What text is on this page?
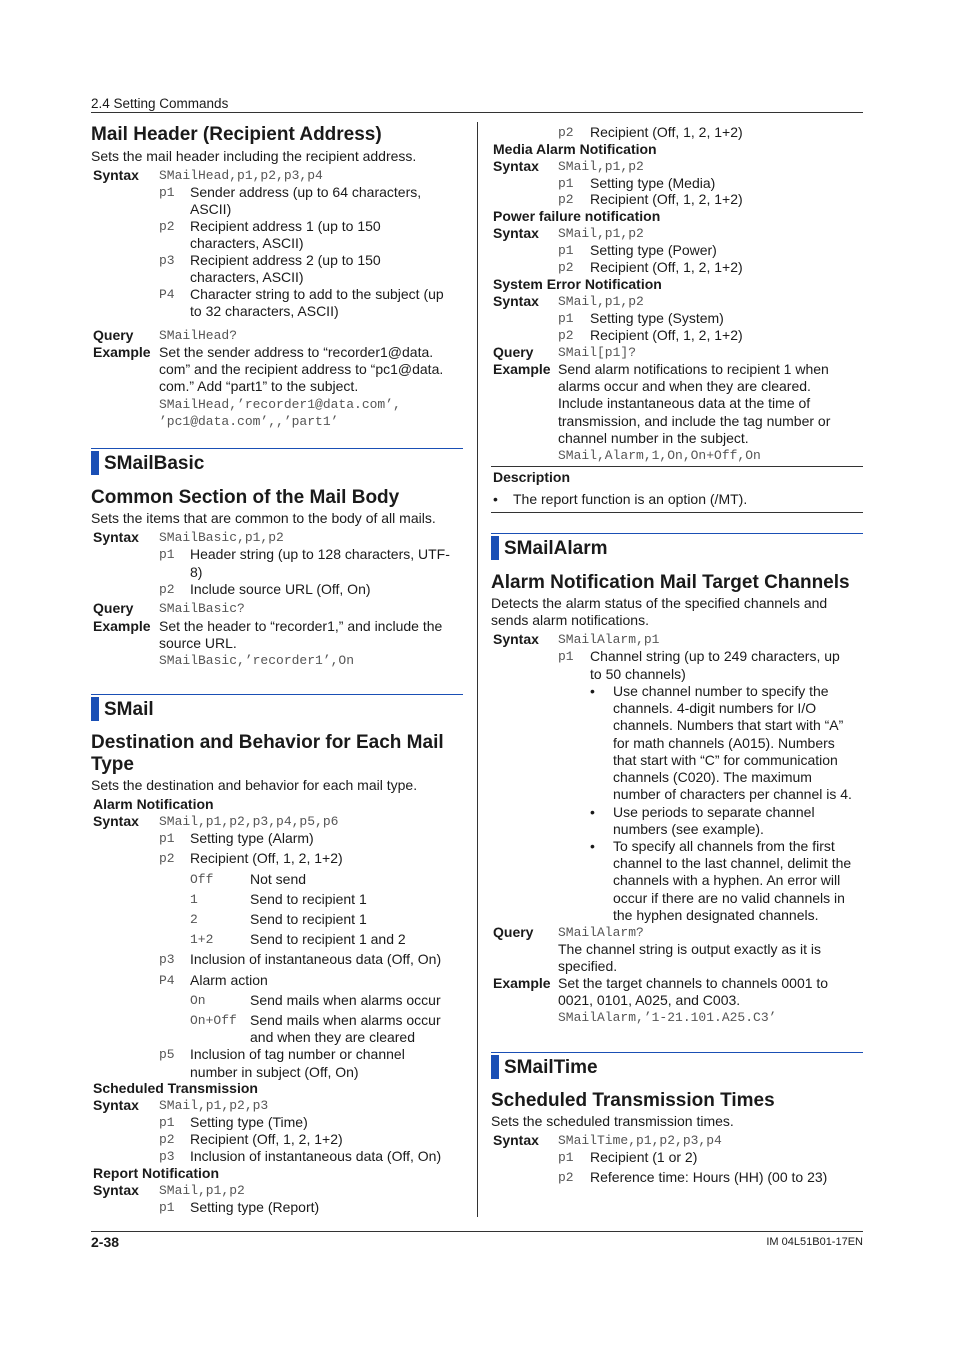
2.4 Setting Commands
Mail Header (Recipient Address)
Sets the mail header including the recipient address.
Syntax SMailHead,p1,p2,p3,p4
p1 Sender address (up to 64 characters,
ASCII)
p2 Recipient address 1 (up to 150
characters, ASCII)
p3 Recipient address 2 (up to 150
characters, ASCII)
P4 Character string to add to the subject (up
to 32 characters, ASCII)
Query SMailHead?
Example Set the sender address to “recorder1@data.
com” and the recipient address to “pc1@data.
com.” Add “part1” to the subject.
SMailHead,’recorder1@data.com’,
’pc1@data.com’,,’part1’
SMailBasic
Common Section of the Mail Body
Sets the items that are common to the body of all mails.
Syntax SMailBasic,p1,p2
p1 Header string (up to 128 characters, UTF-
8)
p2 Include source URL (Off, On)
Query SMailBasic?
Example Set the header to “recorder1,” and include the
source URL.
SMailBasic,’recorder1’,On
SMail
Destination and Behavior for Each Mail
Type
Sets the destination and behavior for each mail type.
Alarm Notification
Syntax SMail,p1,p2,p3,p4,p5,p6
p1 Setting type (Alarm)
p2 Recipient (Off, 1, 2, 1+2)
Off	Not send
1	Send to recipient 1
2	Send to recipient 1
1+2	Send to recipient 1 and 2
p3 Inclusion of instantaneous data (Off, On)
P4 Alarm action
On	Send mails when alarms occur
On+Off Send mails when alarms occur
and when they are cleared
p5 Inclusion of tag number or channel
number in subject (Off, On)
Scheduled Transmission
Syntax SMail,p1,p2,p3
p1 Setting type (Time)
p2 Recipient (Off, 1, 2, 1+2)
p3 Inclusion of instantaneous data (Off, On)
Report Notification
Syntax SMail,p1,p2
p1 Setting type (Report)
p2 Recipient (Off, 1, 2, 1+2)
Media Alarm Notification
Syntax SMail,p1,p2
p1 Setting type (Media)
p2 Recipient (Off, 1, 2, 1+2)
Power failure notification
Syntax SMail,p1,p2
p1 Setting type (Power)
p2 Recipient (Off, 1, 2, 1+2)
System Error Notification
Syntax SMail,p1,p2
p1 Setting type (System)
p2 Recipient (Off, 1, 2, 1+2)
Query SMail[p1]?
Example Send alarm notifications to recipient 1 when
alarms occur and when they are cleared.
Include instantaneous data at the time of
transmission, and include the tag number or
channel number in the subject.
SMail,Alarm,1,On,On+Off,On
Description
• The report function is an option (/MT).
SMailAlarm
Alarm Notification Mail Target Channels
Detects the alarm status of the specified channels and
sends alarm notifications.
Syntax SMailAlarm,p1
p1 Channel string (up to 249 characters, up
to 50 channels)
• Use channel number to specify the
channels. 4-digit numbers for I/O
channels. Numbers that start with “A”
for math channels (A015). Numbers
that start with “C” for communication
channels (C020). The maximum
number of characters per channel is 4.
• Use periods to separate channel
numbers (see example).
• To specify all channels from the first
channel to the last channel, delimit the
channels with a hyphen. An error will
occur if there are no valid channels in
the hyphen designated channels.
Query SMailAlarm?
The channel string is output exactly as it is
specified.
Example Set the target channels to channels 0001 to
0021, 0101, A025, and C003.
SMailAlarm,’1-21.101.A25.C3’
SMailTime
Scheduled Transmission Times
Sets the scheduled transmission times.
Syntax SMailTime,p1,p2,p3,p4
p1 Recipient (1 or 2)
p2 Reference time: Hours (HH) (00 to 23)
2-38	IM 04L51B01-17EN
